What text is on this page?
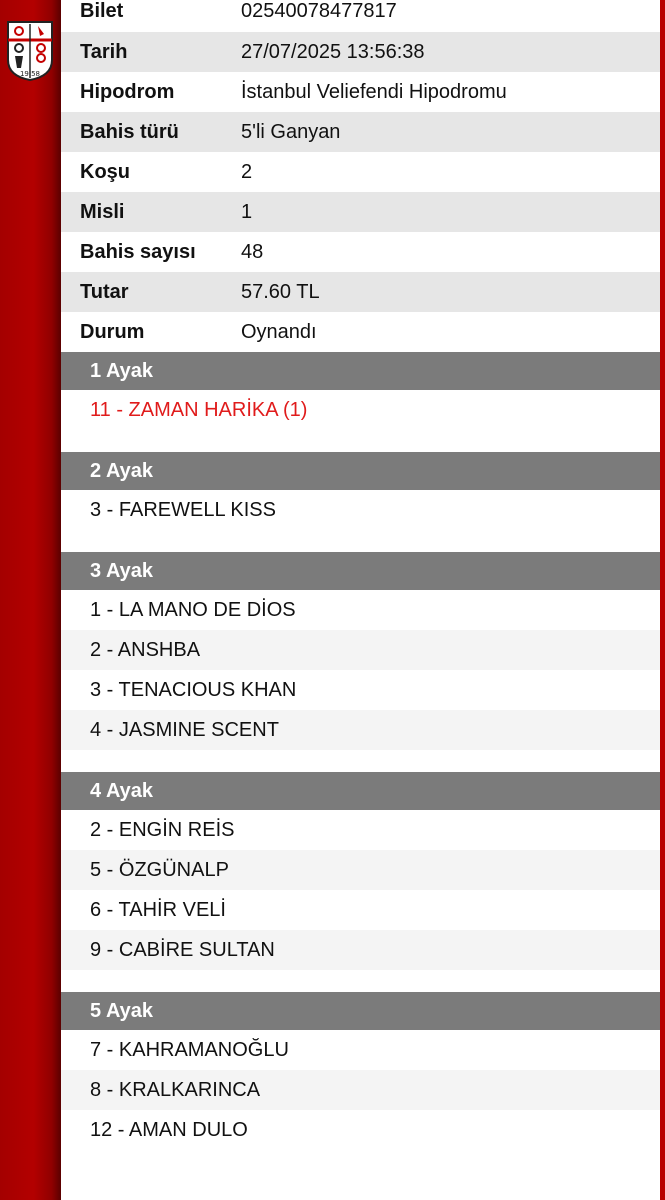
19 58
Bilet	02540078477817
Tarih	27/07/2025 13:56:38
Hipodrom	İstanbul Veliefendi Hipodromu
Bahis türü	5'li Ganyan
Koşu	2
Misli	1
Bahis sayısı	48
Tutar	57.60 TL
Durum	Oynandı
1 Ayak
11 - ZAMAN HARİKA (1)
2 Ayak
3 - FAREWELL KISS
3 Ayak
1 - LA MANO DE DİOS
2 - ANSHBA
3 - TENACIOUS KHAN
4 - JASMINE SCENT
4 Ayak
2 - ENGİN REİS
5 - ÖZGÜNALP
6 - TAHİR VELİ
9 - CABİRE SULTAN
5 Ayak
7 - KAHRAMANOĞLU
8 - KRALKARINCA
12 - AMAN DULO
